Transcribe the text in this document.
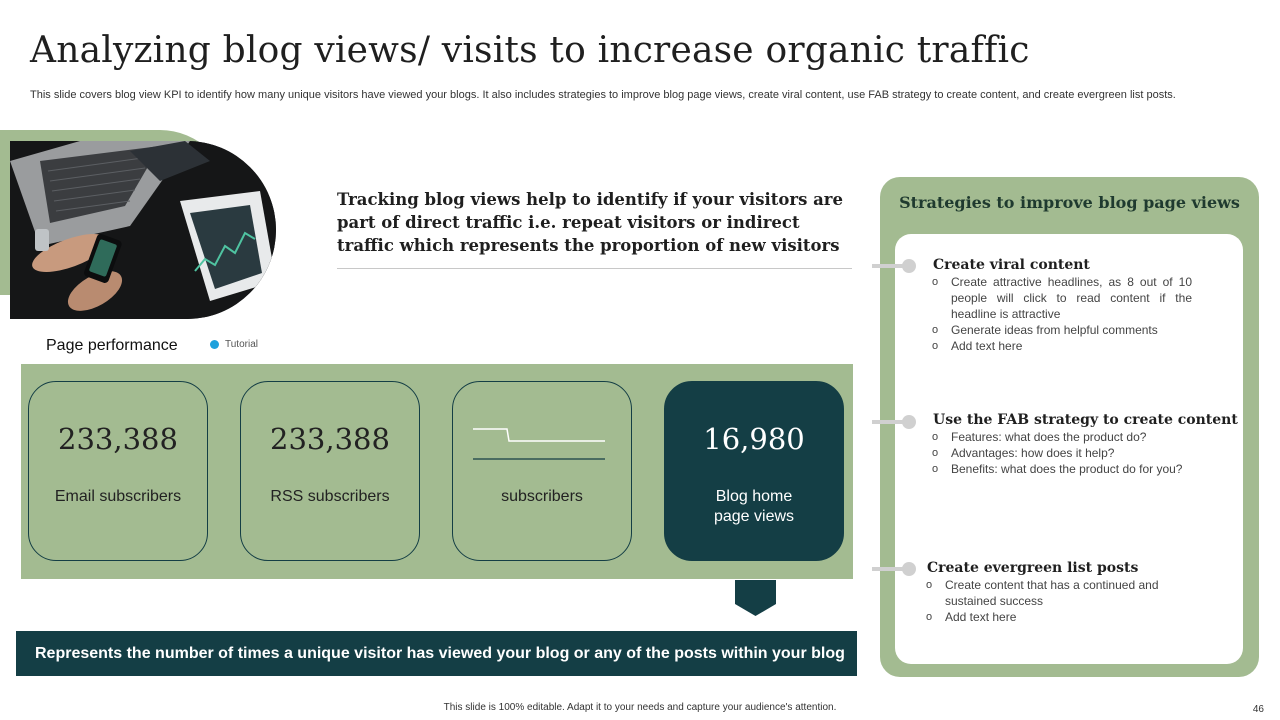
Analyzing blog views/ visits to increase organic traffic
This slide covers blog view KPI to identify how many unique visitors have viewed your blogs. It also includes strategies to improve blog page views, create viral content, use FAB strategy to create content, and create evergreen list posts.
Tracking blog views help to identify if your visitors are part of direct traffic i.e. repeat visitors or indirect traffic which represents the proportion of new visitors
Page performance	Tutorial
233,388
Email subscribers
233,388
RSS subscribers	subscribers
16,980
Blog home page views
Represents the number of times a unique visitor has viewed your blog or any of the posts within your blog
Strategies to improve blog page views
Create viral content
o Create attractive headlines, as 8 out of 10 people will click to read content if the headline is attractive
o Generate ideas from helpful comments
o Add text here
Use the FAB strategy to create content
o Features: what does the product do?
o Advantages: how does it help?
o Benefits: what does the product do for you?
Create evergreen list posts
o Create content that has a continued and sustained success
o Add text here
This slide is 100% editable. Adapt it to your needs and capture your audience's attention.	46
